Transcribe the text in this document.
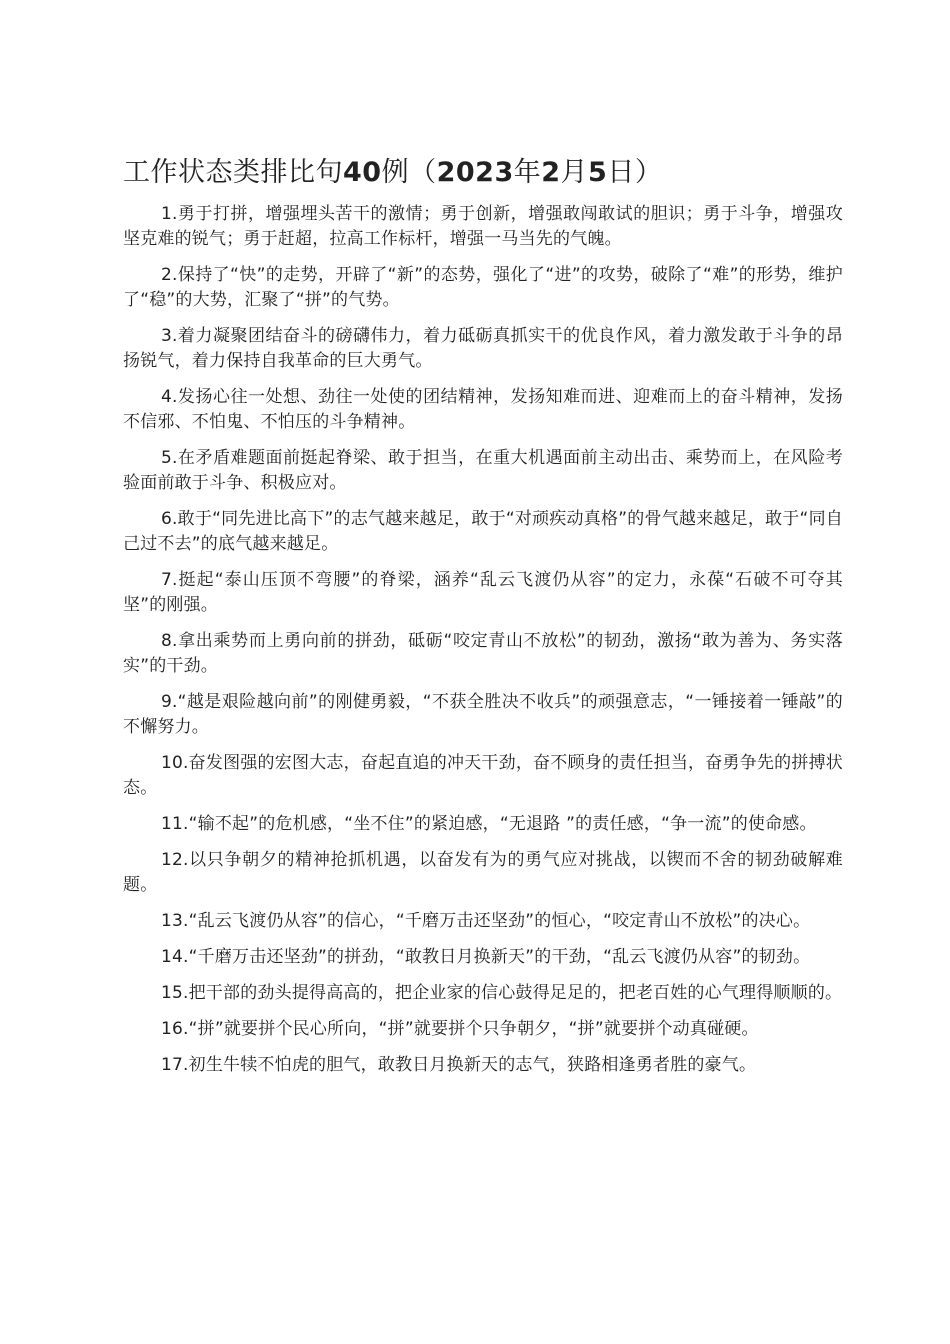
工作状态类排比句40例（2023年2月5日）

1.勇于打拼，增强埋头苦干的激情；勇于创新，增强敢闯敢试的胆识；勇于斗争，增强攻坚克难的锐气；勇于赶超，拉高工作标杆，增强一马当先的气魄。

2.保持了“快”的走势，开辟了“新”的态势，强化了“进”的攻势，破除了“难”的形势，维护了“稳”的大势，汇聚了“拼”的气势。

3.着力凝聚团结奋斗的磅礴伟力，着力砥砺真抓实干的优良作风，着力激发敢于斗争的昂扬锐气，着力保持自我革命的巨大勇气。

4.发扬心往一处想、劲往一处使的团结精神，发扬知难而进、迎难而上的奋斗精神，发扬不信邪、不怕鬼、不怕压的斗争精神。

5.在矛盾难题面前挺起脊梁、敢于担当，在重大机遇面前主动出击、乘势而上，在风险考验面前敢于斗争、积极应对。

6.敢于“同先进比高下”的志气越来越足，敢于“对顽疾动真格”的骨气越来越足，敢于“同自己过不去”的底气越来越足。

7.挺起“泰山压顶不弯腰”的脊梁，涵养“乱云飞渡仍从容”的定力，永葆“石破不可夺其坚”的刚强。

8.拿出乘势而上勇向前的拼劲，砥砺“咬定青山不放松”的韧劲，激扬“敢为善为、务实落实”的干劲。

9.“越是艰险越向前”的刚健勇毅，“不获全胜决不收兵”的顽强意志，“一锤接着一锤敲”的不懈努力。

10.奋发图强的宏图大志，奋起直追的冲天干劲，奋不顾身的责任担当，奋勇争先的拼搏状态。

11.“输不起”的危机感，“坐不住”的紧迫感，“无退路 ”的责任感，“争一流”的使命感。

12.以只争朝夕的精神抢抓机遇，以奋发有为的勇气应对挑战，以锲而不舍的韧劲破解难题。

13.“乱云飞渡仍从容”的信心，“千磨万击还坚劲”的恒心，“咬定青山不放松”的决心。

14.“千磨万击还坚劲”的拼劲，“敢教日月换新天”的干劲，“乱云飞渡仍从容”的韧劲。

15.把干部的劲头提得高高的，把企业家的信心鼓得足足的，把老百姓的心气理得顺顺的。

16.“拼”就要拼个民心所向，“拼”就要拼个只争朝夕，“拼”就要拼个动真碰硬。

17.初生牛犊不怕虎的胆气，敢教日月换新天的志气，狭路相逢勇者胜的豪气。
